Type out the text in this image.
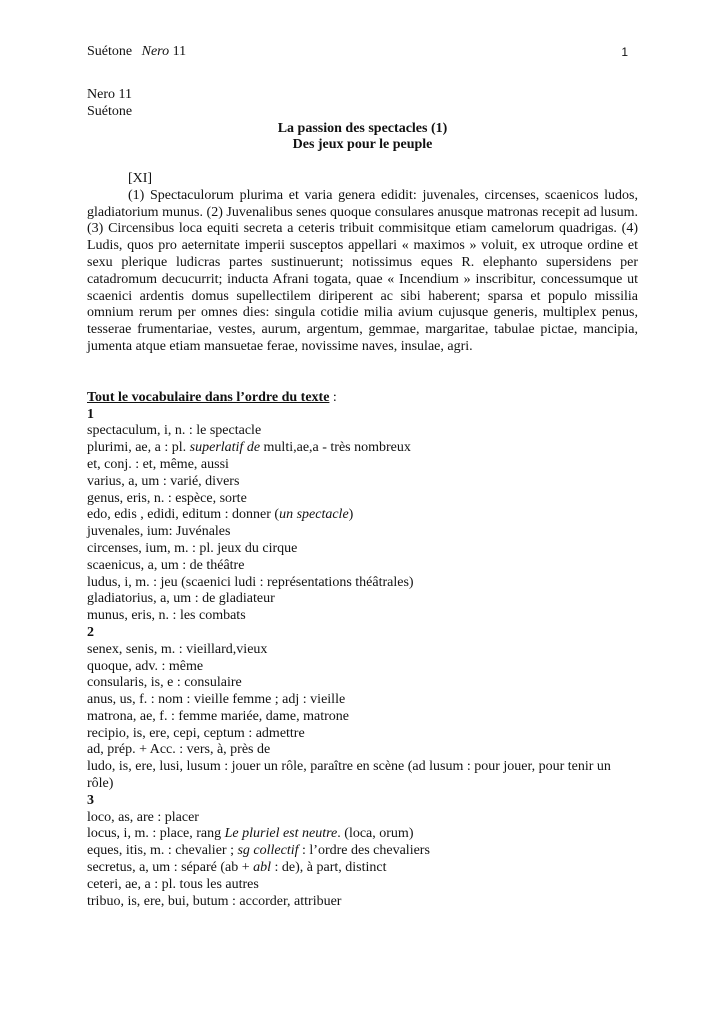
Suétone Nero 11	1
Nero 11
Suétone
La passion des spectacles (1)
Des jeux pour le peuple
[XI]
(1) Spectaculorum plurima et varia genera edidit: juvenales, circenses, scaenicos ludos, gladiatorium munus. (2) Juvenalibus senes quoque consulares anusque matronas recepit ad lusum. (3) Circensibus loca equiti secreta a ceteris tribuit commisitque etiam camelorum quadrigas. (4) Ludis, quos pro aeternitate imperii susceptos appellari « maximos » voluit, ex utroque ordine et sexu plerique ludicras partes sustinuerunt; notissimus eques R. elephanto supersidens per catadromum decucurrit; inducta Afrani togata, quae « Incendium » inscribitur, concessumque ut scaenici ardentis domus supellectilem diriperent ac sibi haberent; sparsa et populo missilia omnium rerum per omnes dies: singula cotidie milia avium cujusque generis, multiplex penus, tesserae frumentariae, vestes, aurum, argentum, gemmae, margaritae, tabulae pictae, mancipia, jumenta atque etiam mansuetae ferae, novissime naves, insulae, agri.
Tout le vocabulaire dans l’ordre du texte :
1
spectaculum, i, n. : le spectacle
plurimi, ae, a : pl. superlatif de multi,ae,a - très nombreux
et, conj. : et, même, aussi
varius, a, um : varié, divers
genus, eris, n. : espèce, sorte
edo, edis , edidi, editum : donner (un spectacle)
juvenales, ium: Juvénales
circenses, ium, m. : pl. jeux du cirque
scaenicus, a, um : de théâtre
ludus, i, m. : jeu (scaenici ludi : représentations théâtrales)
gladiatorius, a, um : de gladiateur
munus, eris, n. : les combats
2
senex, senis, m. : vieillard,vieux
quoque, adv. : même
consularis, is, e : consulaire
anus, us, f. : nom : vieille femme ; adj : vieille
matrona, ae, f. : femme mariée, dame, matrone
recipio, is, ere, cepi, ceptum : admettre
ad, prép. + Acc. : vers, à, près de
ludo, is, ere, lusi, lusum : jouer un rôle, paraître en scène (ad lusum : pour jouer, pour tenir un rôle)
3
loco, as, are : placer
locus, i, m. : place, rang Le pluriel est neutre. (loca, orum)
eques, itis, m. : chevalier ; sg collectif : l’ordre des chevaliers
secretus, a, um : séparé (ab + abl : de), à part, distinct
ceteri, ae, a : pl. tous les autres
tribuo, is, ere, bui, butum : accorder, attribuer
